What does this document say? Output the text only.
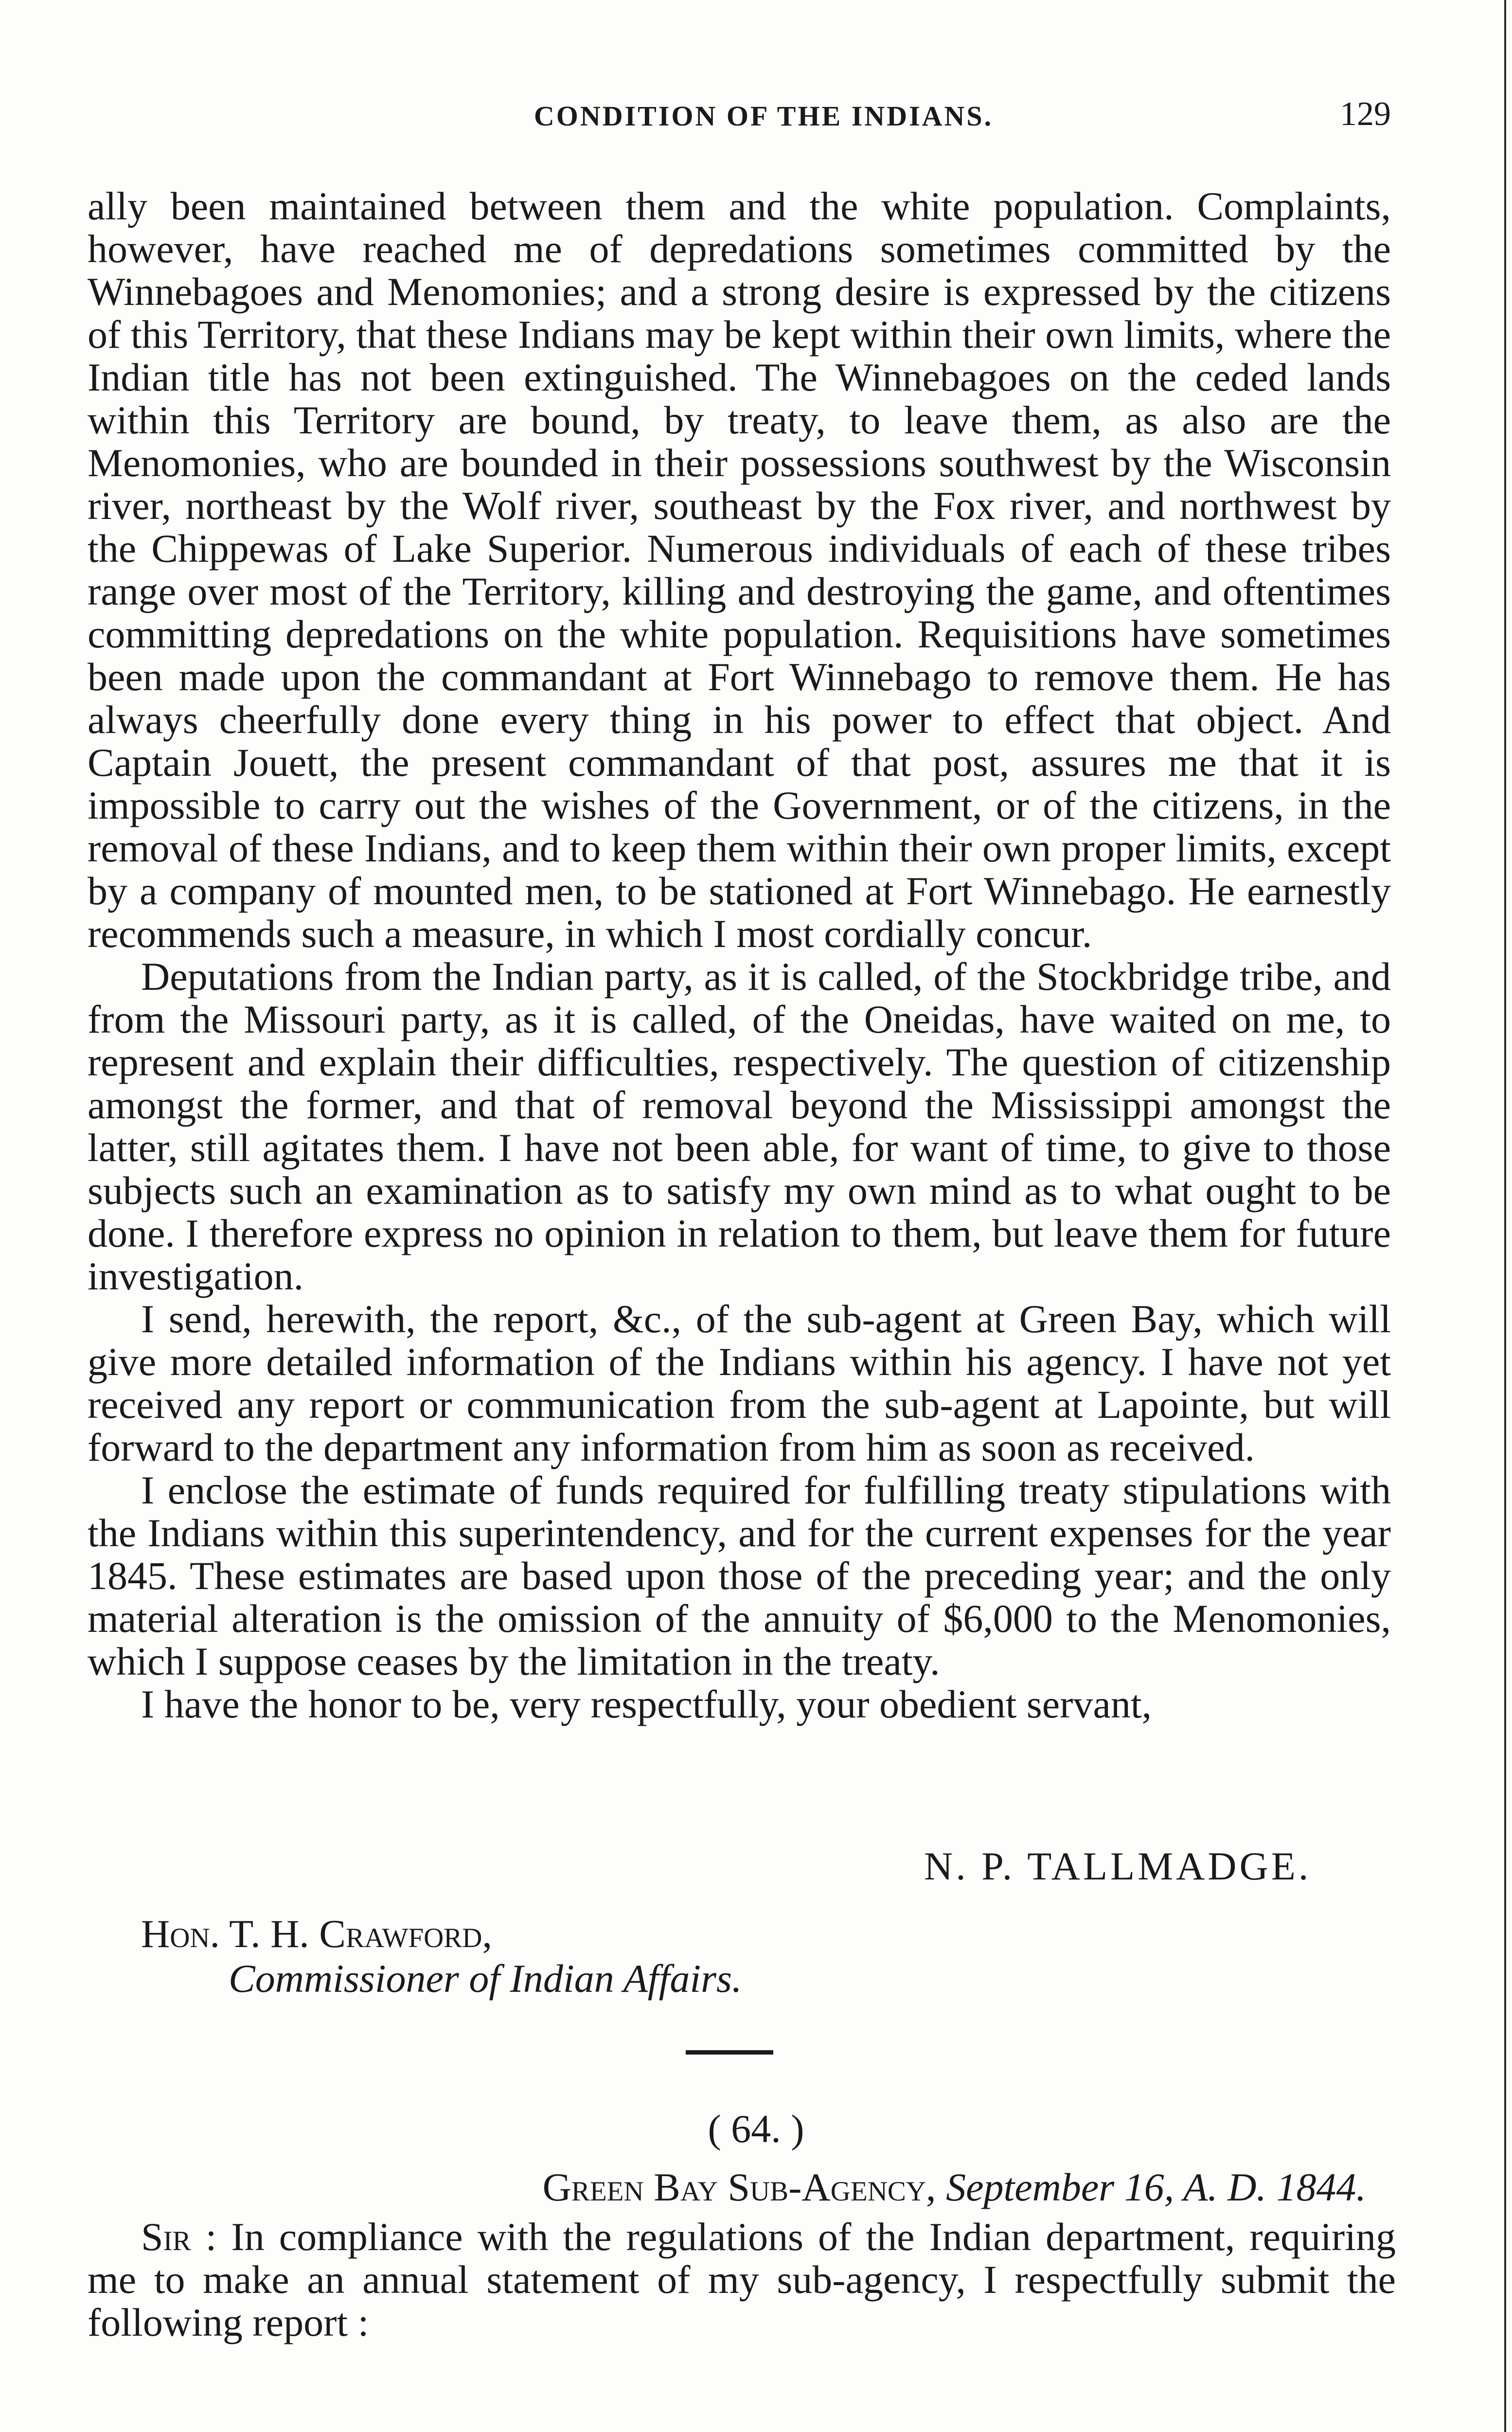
CONDITION OF THE INDIANS.	129

ally been maintained between them and the white population. Complaints, however, have reached me of depredations sometimes committed by the Winnebagoes and Menomonies; and a strong desire is expressed by the citizens of this Territory, that these Indians may be kept within their own limits, where the Indian title has not been extinguished. The Winnebagoes on the ceded lands within this Territory are bound, by treaty, to leave them, as also are the Menomonies, who are bounded in their possessions southwest by the Wisconsin river, northeast by the Wolf river, southeast by the Fox river, and northwest by the Chippewas of Lake Superior. Numerous individuals of each of these tribes range over most of the Territory, killing and destroying the game, and oftentimes committing depredations on the white population. Requisitions have sometimes been made upon the commandant at Fort Winnebago to remove them. He has always cheerfully done every thing in his power to effect that object. And Captain Jouett, the present commandant of that post, assures me that it is impossible to carry out the wishes of the Government, or of the citizens, in the removal of these Indians, and to keep them within their own proper limits, except by a company of mounted men, to be stationed at Fort Winnebago. He earnestly recommends such a measure, in which I most cordially concur.

Deputations from the Indian party, as it is called, of the Stockbridge tribe, and from the Missouri party, as it is called, of the Oneidas, have waited on me, to represent and explain their difficulties, respectively. The question of citizenship amongst the former, and that of removal beyond the Mississippi amongst the latter, still agitates them. I have not been able, for want of time, to give to those subjects such an examination as to satisfy my own mind as to what ought to be done. I therefore express no opinion in relation to them, but leave them for future investigation.

I send, herewith, the report, &c., of the sub-agent at Green Bay, which will give more detailed information of the Indians within his agency. I have not yet received any report or communication from the sub-agent at Lapointe, but will forward to the department any information from him as soon as received.

I enclose the estimate of funds required for fulfilling treaty stipulations with the Indians within this superintendency, and for the current expenses for the year 1845. These estimates are based upon those of the preceding year; and the only material alteration is the omission of the annuity of $6,000 to the Menomonies, which I suppose ceases by the limitation in the treaty.

I have the honor to be, very respectfully, your obedient servant,

N. P. TALLMADGE.
Hon. T. H. Crawford,
Commissioner of Indian Affairs.
( 64. )
Green Bay Sub-Agency, September 16, A. D. 1844.

Sir : In compliance with the regulations of the Indian department, requiring me to make an annual statement of my sub-agency, I respectfully submit the following report :
